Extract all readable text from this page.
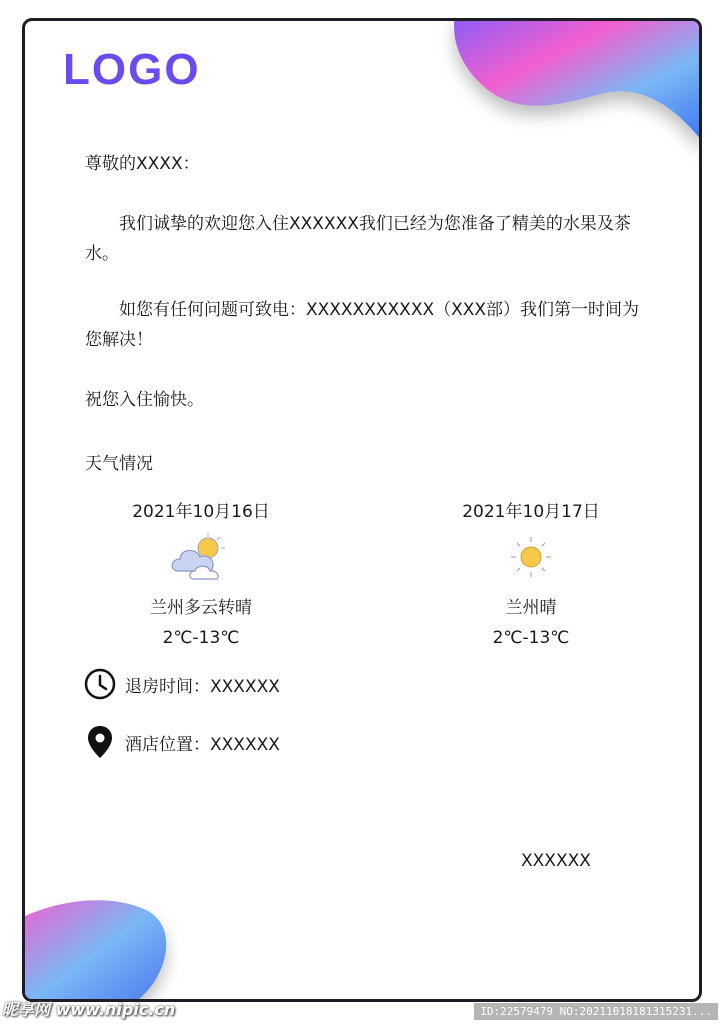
LOGO
尊敬的XXXX：
我们诚挚的欢迎您入住XXXXXX我们已经为您准备了精美的水果及茶水。
如您有任何问题可致电：XXXXXXXXXXX（XXX部）我们第一时间为您解决！
祝您入住愉快。
天气情况
2021年10月16日
兰州多云转晴
2℃-13℃
2021年10月17日
兰州晴
2℃-13℃
退房时间：XXXXXX
酒店位置：XXXXXX
XXXXXX
昵享网 www.nipic.cn	ID:22579479 NO:20211018181315231...
